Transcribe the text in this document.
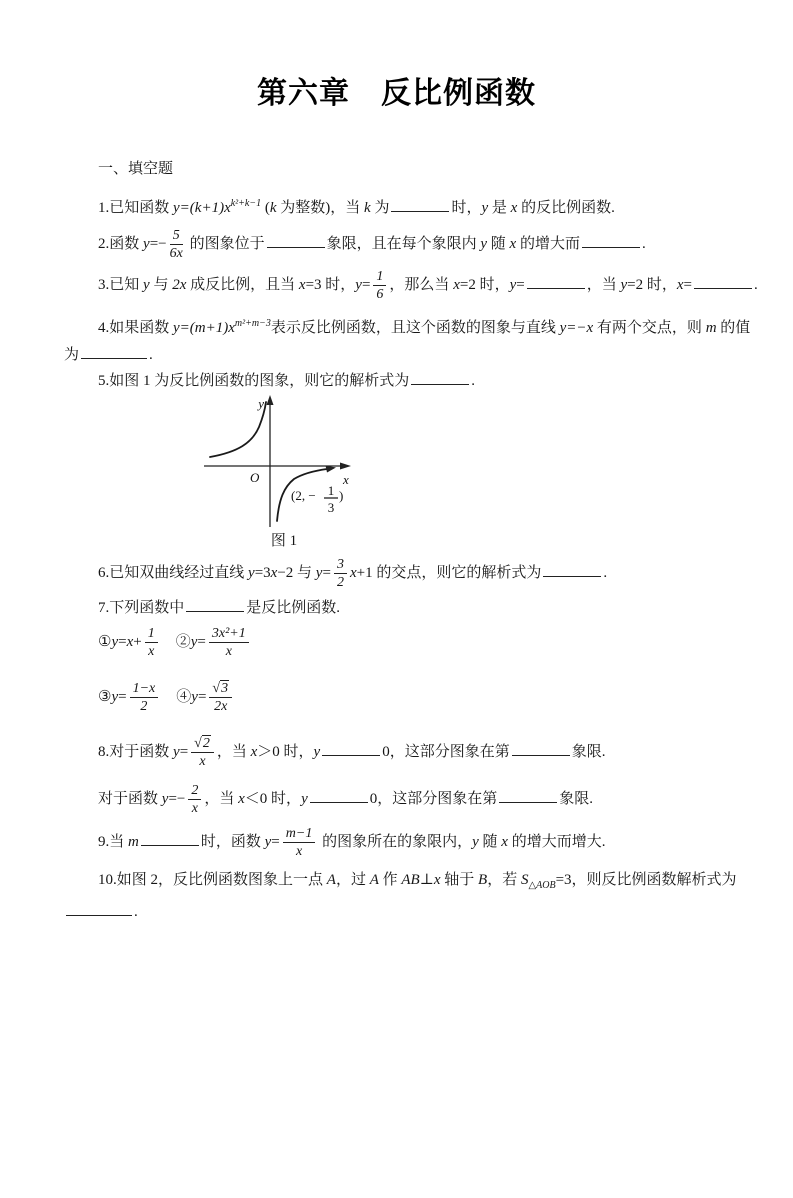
第六章　反比例函数
一、填空题
1.已知函数 $y=(k+1)x^{k^2+k-1}$ (k 为整数)，当 k 为	时，y 是 x 的反比例函数.
2.函数 $y=- \frac{5}{6x}$ 的图象位于	象限，且在每个象限内 y 随 x 的增大而	.
3.已知 y 与 2x 成反比例，且当 x=3 时，$y= \frac{1}{6}$ ，那么当 x=2 时，y=	，当 y=2 时，x=	.
4.如果函数 $y=(m+1)x^{m^2+m-3}$表示反比例函数，且这个函数的图象与直线 y=−x 有两个交点，则 m 的值
为	.
5.如图 1 为反比例函数的图象，则它的解析式为	.
y
x
O
(2, − 1
3
)
图 1
6.已知双曲线经过直线 y=3x−2 与 $y= \frac{3}{2} x+1$ 的交点，则它的解析式为	.
7.下列函数中	是反比例函数.
①y=x+ $\frac{1}{x}$ 　②y= $\frac{\text{3x²+1}}{x}$
③y= $\frac{1-x}{2}$ 　④y= $\frac{√3}{2x}$
8.对于函数 $y= \frac{√2}{x}$ ，当 x＞0 时，y	0，这部分图象在第	象限.
对于函数 $y=- \frac{2}{x}$ ，当 x＜0 时，y	0，这部分图象在第	象限.
9.当 m	时，函数 $y= \frac{m-1}{x}$ 的图象所在的象限内，y 随 x 的增大而增大.
10.如图 2，反比例函数图象上一点 A，过 A 作 AB⊥x 轴于 B，若 $S_{\triangle AOB}=3$，则反比例函数解析式为
.
